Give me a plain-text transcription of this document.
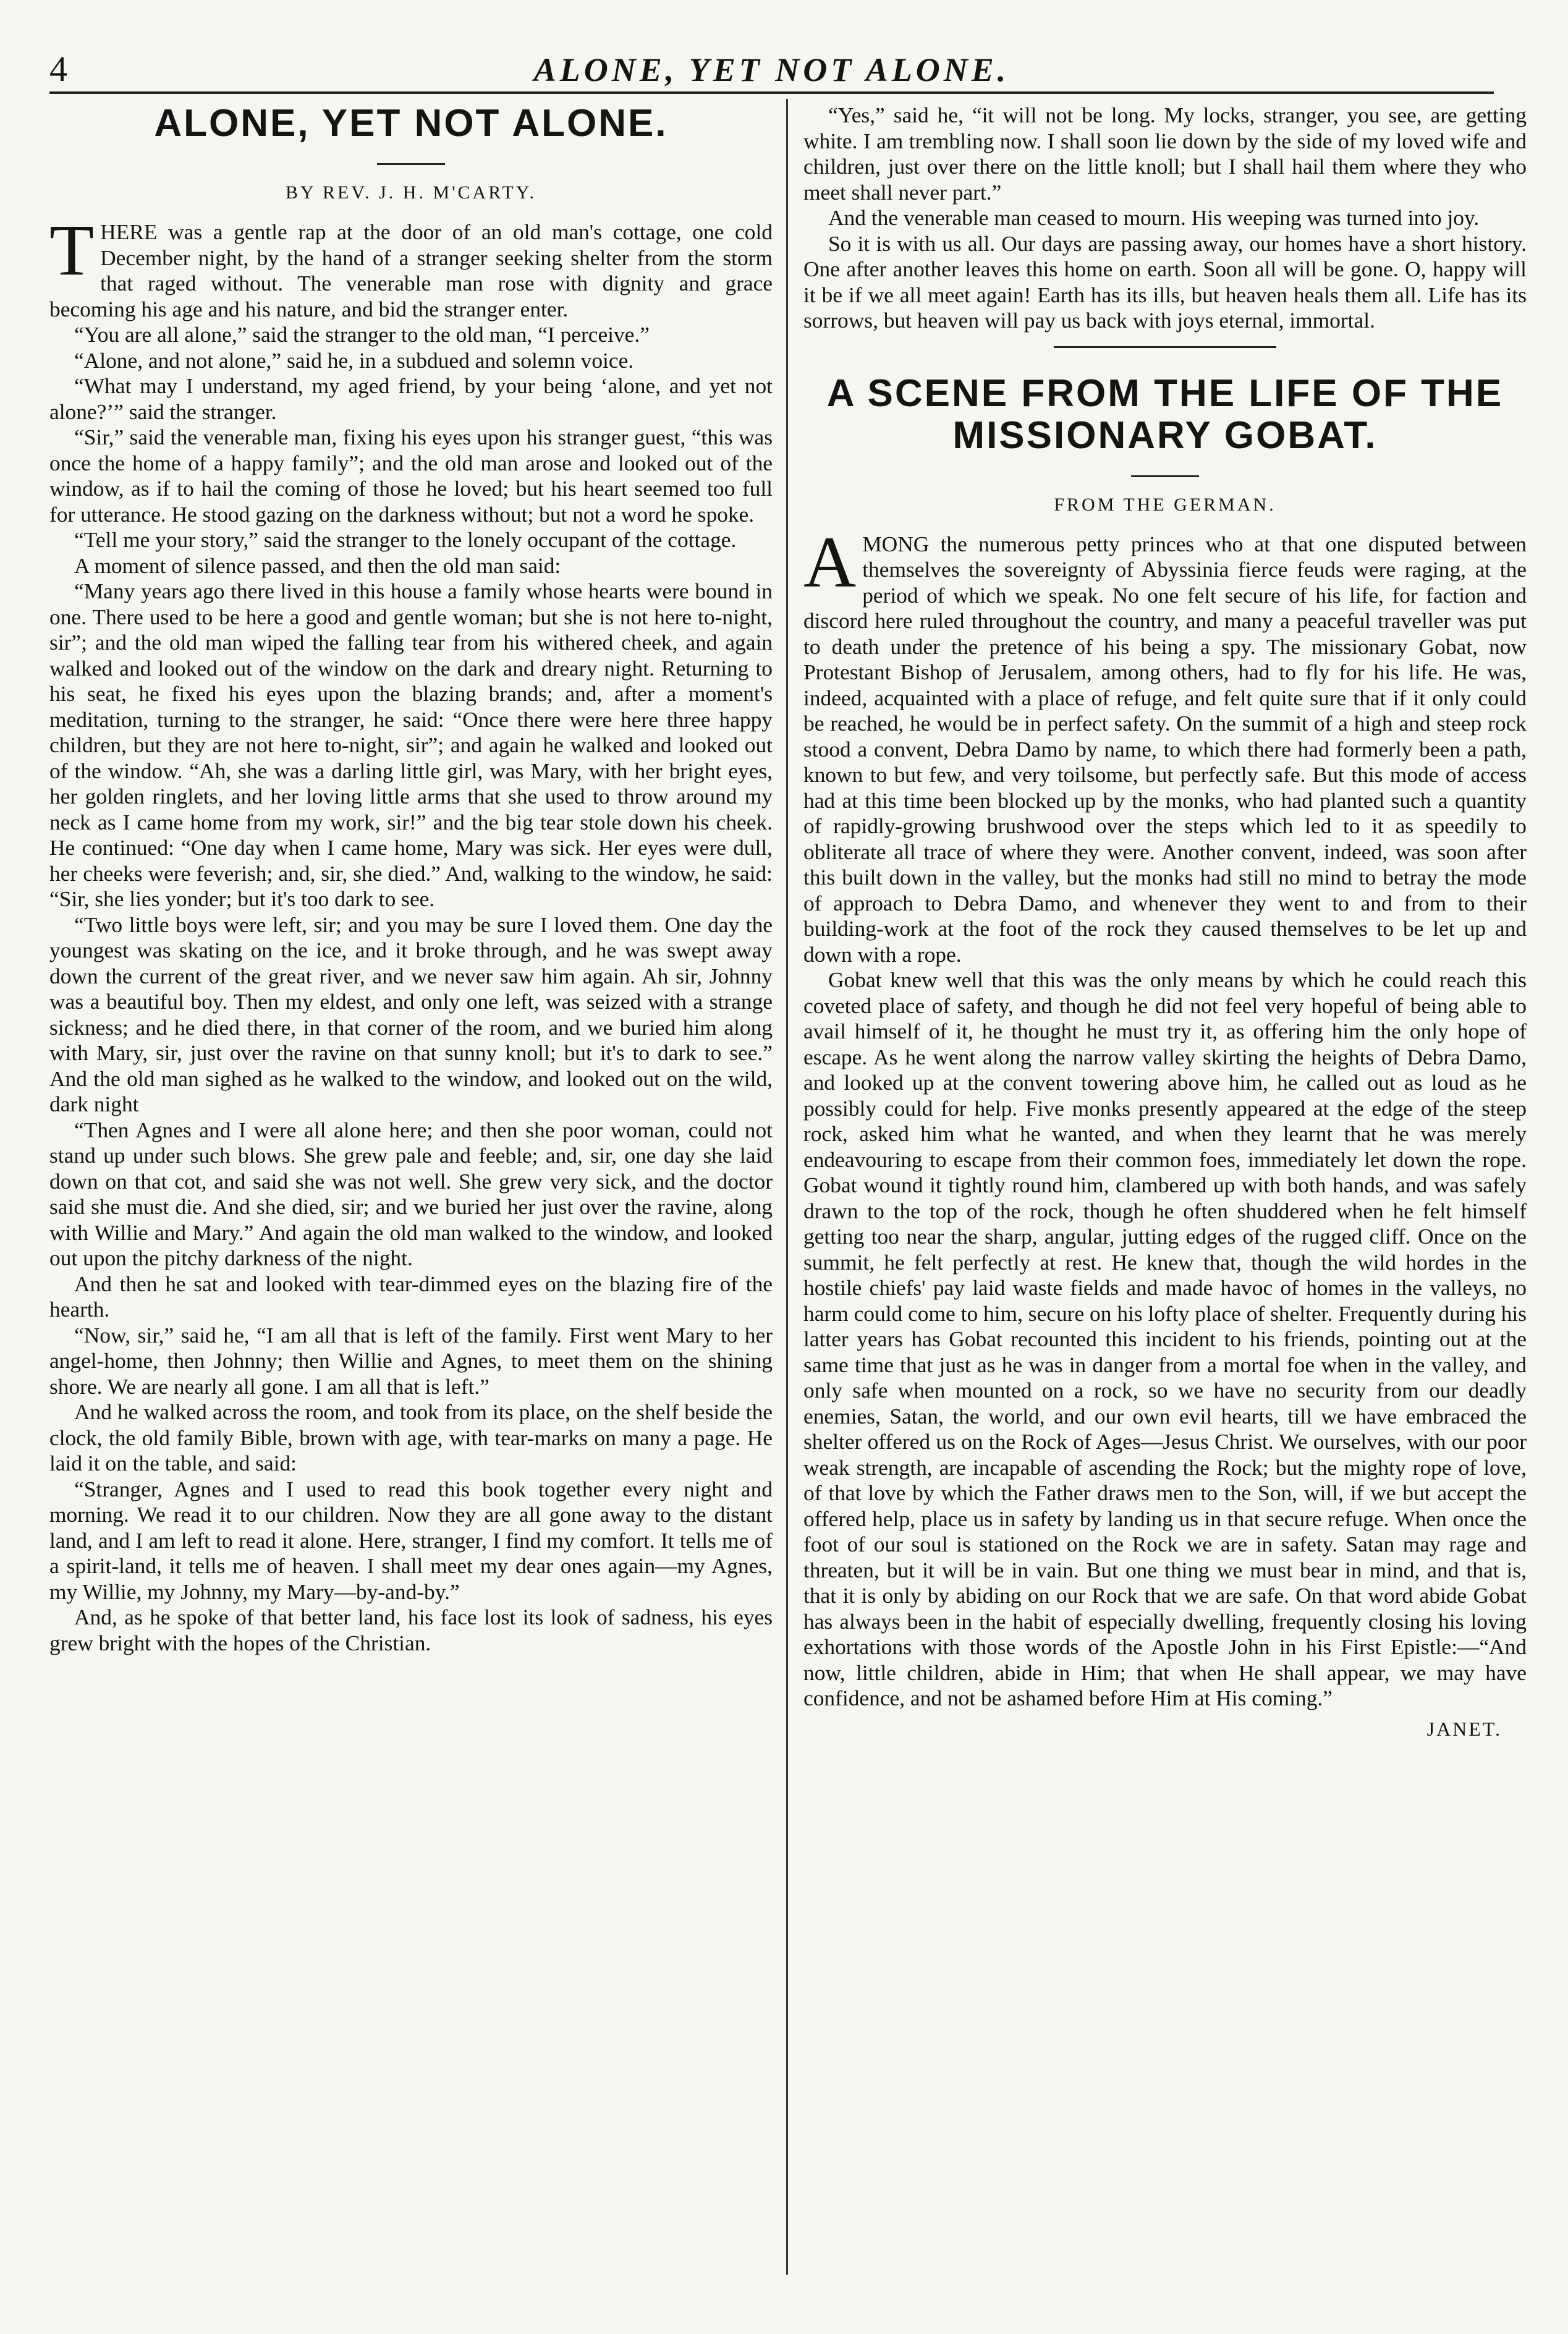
4	ALONE, YET NOT ALONE.
ALONE, YET NOT ALONE.
BY REV. J. H. M'CARTY.

THERE was a gentle rap at the door of an old man's cottage, one cold December night, by the hand of a stranger seeking shelter from the storm that raged without. The venerable man rose with dignity and grace becoming his age and his nature, and bid the stranger enter.

“You are all alone,” said the stranger to the old man, “I perceive.”

“Alone, and not alone,” said he, in a subdued and solemn voice.

“What may I understand, my aged friend, by your being ‘alone, and yet not alone?’” said the stranger.

“Sir,” said the venerable man, fixing his eyes upon his stranger guest, “this was once the home of a happy family”; and the old man arose and looked out of the window, as if to hail the coming of those he loved; but his heart seemed too full for utterance. He stood gazing on the darkness without; but not a word he spoke.

“Tell me your story,” said the stranger to the lonely occupant of the cottage.

A moment of silence passed, and then the old man said:

“Many years ago there lived in this house a family whose hearts were bound in one. There used to be here a good and gentle woman; but she is not here to-night, sir”; and the old man wiped the falling tear from his withered cheek, and again walked and looked out of the window on the dark and dreary night. Returning to his seat, he fixed his eyes upon the blazing brands; and, after a moment's meditation, turning to the stranger, he said: “Once there were here three happy children, but they are not here to-night, sir”; and again he walked and looked out of the window. “Ah, she was a darling little girl, was Mary, with her bright eyes, her golden ringlets, and her loving little arms that she used to throw around my neck as I came home from my work, sir!” and the big tear stole down his cheek. He continued: “One day when I came home, Mary was sick. Her eyes were dull, her cheeks were feverish; and, sir, she died.” And, walking to the window, he said: “Sir, she lies yonder; but it's too dark to see.

“Two little boys were left, sir; and you may be sure I loved them. One day the youngest was skating on the ice, and it broke through, and he was swept away down the current of the great river, and we never saw him again. Ah sir, Johnny was a beautiful boy. Then my eldest, and only one left, was seized with a strange sickness; and he died there, in that corner of the room, and we buried him along with Mary, sir, just over the ravine on that sunny knoll; but it's to dark to see.” And the old man sighed as he walked to the window, and looked out on the wild, dark night

“Then Agnes and I were all alone here; and then she poor woman, could not stand up under such blows. She grew pale and feeble; and, sir, one day she laid down on that cot, and said she was not well. She grew very sick, and the doctor said she must die. And she died, sir; and we buried her just over the ravine, along with Willie and Mary.” And again the old man walked to the window, and looked out upon the pitchy darkness of the night.

And then he sat and looked with tear-dimmed eyes on the blazing fire of the hearth.

“Now, sir,” said he, “I am all that is left of the family. First went Mary to her angel-home, then Johnny; then Willie and Agnes, to meet them on the shining shore. We are nearly all gone. I am all that is left.”

And he walked across the room, and took from its place, on the shelf beside the clock, the old family Bible, brown with age, with tear-marks on many a page. He laid it on the table, and said:

“Stranger, Agnes and I used to read this book together every night and morning. We read it to our children. Now they are all gone away to the distant land, and I am left to read it alone. Here, stranger, I find my comfort. It tells me of a spirit-land, it tells me of heaven. I shall meet my dear ones again—my Agnes, my Willie, my Johnny, my Mary—by-and-by.”

And, as he spoke of that better land, his face lost its look of sadness, his eyes grew bright with the hopes of the Christian.

“Yes,” said he, “it will not be long. My locks, stranger, you see, are getting white. I am trembling now. I shall soon lie down by the side of my loved wife and children, just over there on the little knoll; but I shall hail them where they who meet shall never part.”

And the venerable man ceased to mourn. His weeping was turned into joy.

So it is with us all. Our days are passing away, our homes have a short history. One after another leaves this home on earth. Soon all will be gone. O, happy will it be if we all meet again! Earth has its ills, but heaven heals them all. Life has its sorrows, but heaven will pay us back with joys eternal, immortal.

A SCENE FROM THE LIFE OF THE MISSIONARY GOBAT.
FROM THE GERMAN.

AMONG the numerous petty princes who at that one disputed between themselves the sovereignty of Abyssinia fierce feuds were raging, at the period of which we speak. No one felt secure of his life, for faction and discord here ruled throughout the country, and many a peaceful traveller was put to death under the pretence of his being a spy. The missionary Gobat, now Protestant Bishop of Jerusalem, among others, had to fly for his life. He was, indeed, acquainted with a place of refuge, and felt quite sure that if it only could be reached, he would be in perfect safety. On the summit of a high and steep rock stood a convent, Debra Damo by name, to which there had formerly been a path, known to but few, and very toilsome, but perfectly safe. But this mode of access had at this time been blocked up by the monks, who had planted such a quantity of rapidly-growing brushwood over the steps which led to it as speedily to obliterate all trace of where they were. Another convent, indeed, was soon after this built down in the valley, but the monks had still no mind to betray the mode of approach to Debra Damo, and whenever they went to and from to their building-work at the foot of the rock they caused themselves to be let up and down with a rope.

Gobat knew well that this was the only means by which he could reach this coveted place of safety, and though he did not feel very hopeful of being able to avail himself of it, he thought he must try it, as offering him the only hope of escape. As he went along the narrow valley skirting the heights of Debra Damo, and looked up at the convent towering above him, he called out as loud as he possibly could for help. Five monks presently appeared at the edge of the steep rock, asked him what he wanted, and when they learnt that he was merely endeavouring to escape from their common foes, immediately let down the rope. Gobat wound it tightly round him, clambered up with both hands, and was safely drawn to the top of the rock, though he often shuddered when he felt himself getting too near the sharp, angular, jutting edges of the rugged cliff. Once on the summit, he felt perfectly at rest. He knew that, though the wild hordes in the hostile chiefs' pay laid waste fields and made havoc of homes in the valleys, no harm could come to him, secure on his lofty place of shelter. Frequently during his latter years has Gobat recounted this incident to his friends, pointing out at the same time that just as he was in danger from a mortal foe when in the valley, and only safe when mounted on a rock, so we have no security from our deadly enemies, Satan, the world, and our own evil hearts, till we have embraced the shelter offered us on the Rock of Ages—Jesus Christ. We ourselves, with our poor weak strength, are incapable of ascending the Rock; but the mighty rope of love, of that love by which the Father draws men to the Son, will, if we but accept the offered help, place us in safety by landing us in that secure refuge. When once the foot of our soul is stationed on the Rock we are in safety. Satan may rage and threaten, but it will be in vain. But one thing we must bear in mind, and that is, that it is only by abiding on our Rock that we are safe. On that word abide Gobat has always been in the habit of especially dwelling, frequently closing his loving exhortations with those words of the Apostle John in his First Epistle:—“And now, little children, abide in Him; that when He shall appear, we may have confidence, and not be ashamed before Him at His coming.”

JANET.
